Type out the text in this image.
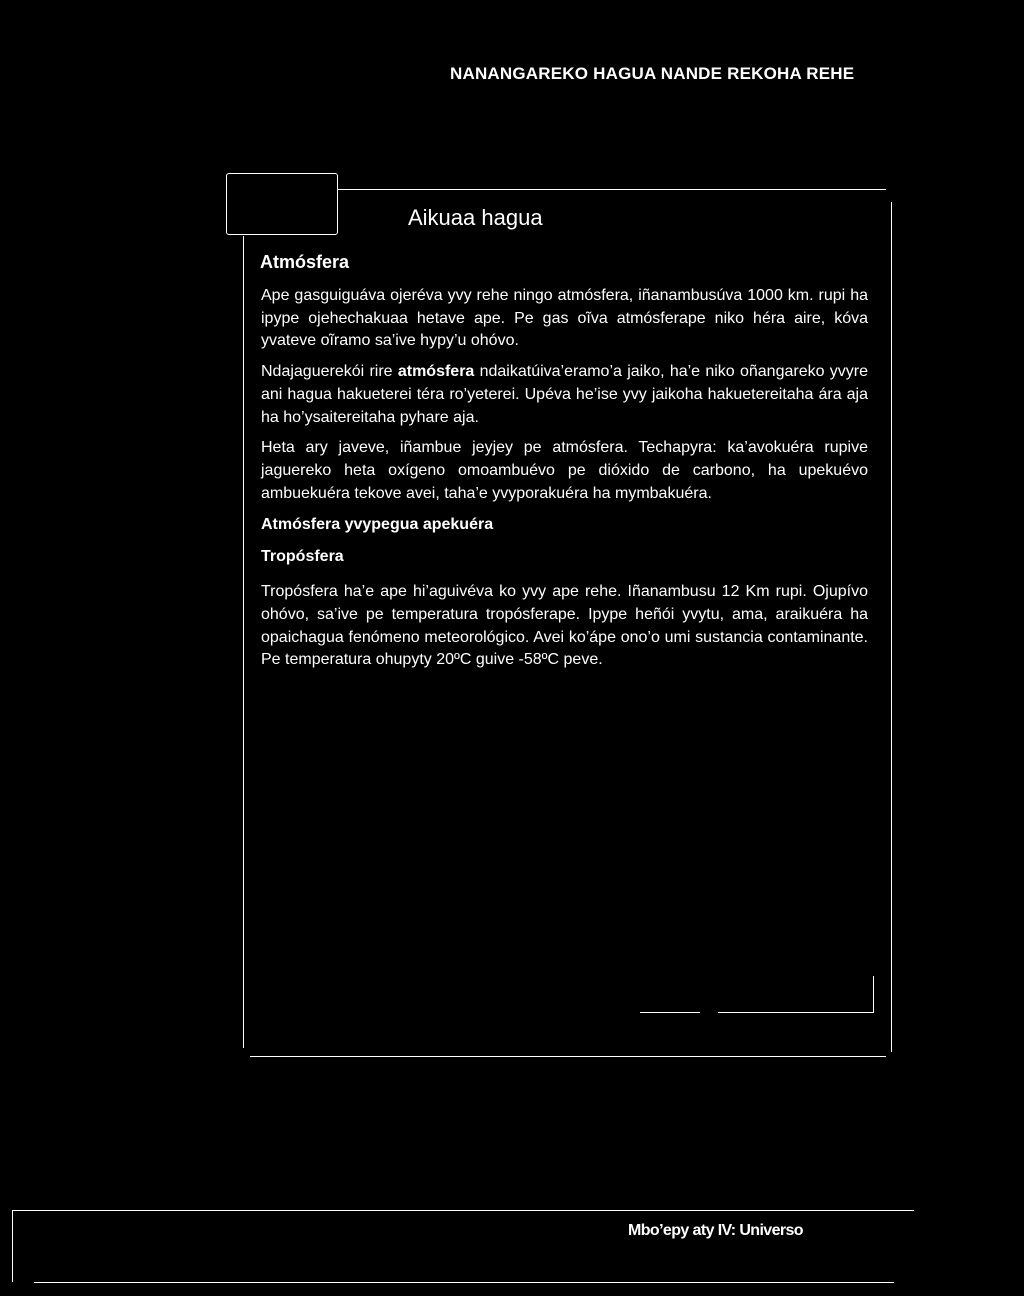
NANANGAREKO HAGUA NANDE REKOHA REHE
Aikuaa hagua
Atmósfera

Ape gasguiguáva ojeréva yvy rehe ningo atmósfera, iñanambusúva 1000 km. rupi ha ipype ojehechakuaa hetave ape. Pe gas oĩva atmósferape niko héra aire, kóva yvateve oĩramo sa’ive hypy’u ohóvo.

Ndajaguerekói rire atmósfera ndaikatúiva’eramo’a jaiko, ha’e niko oñangareko yvyre ani hagua hakueterei téra ro’yeterei. Upéva he’ise yvy jaikoha hakuetereitaha ára aja ha ho’ysaitereitaha pyhare aja.

Heta ary javeve, iñambue jeyjey pe atmósfera. Techapyra: ka’avokuéra rupive jaguereko heta oxígeno omoambuévo pe dióxido de carbono, ha upekuévo ambuekuéra tekove avei, taha’e yvyporakuéra ha mymbakuéra.

Atmósfera yvypegua apekuéra
Tropósfera

Tropósfera ha’e ape hi’aguivéva ko yvy ape rehe. Iñanambusu 12 Km rupi. Ojupívo ohóvo, sa’ive pe temperatura tropósferape. Ipype heñói yvytu, ama, araikuéra ha opaichagua fenómeno meteorológico. Avei ko’ápe ono’o umi sustancia contaminante. Pe temperatura ohupyty 20ºC guive -58ºC peve.

Mbo’epy aty IV: Universo
